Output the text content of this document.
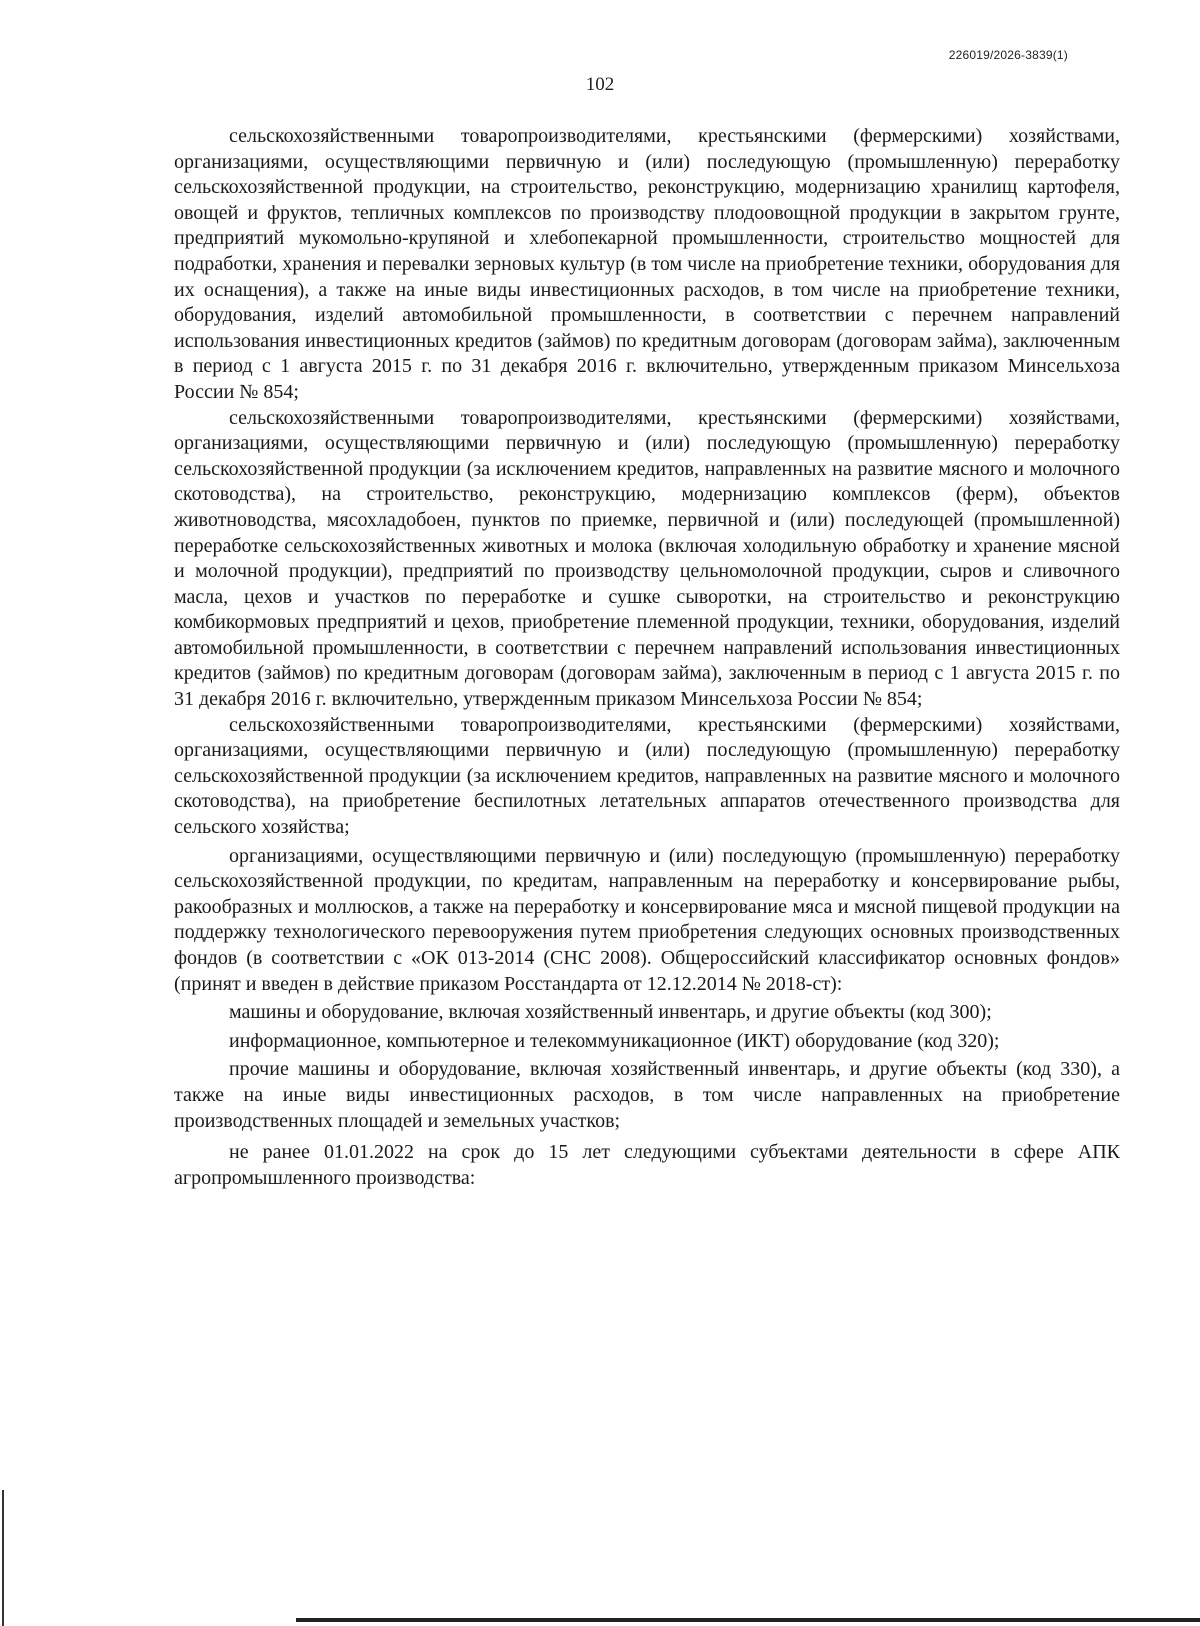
226019/2026-3839(1)
102

сельскохозяйственными товаропроизводителями, крестьянскими (фермерскими) хозяйствами, организациями, осуществляющими первичную и (или) последующую (промышленную) переработку сельскохозяйственной продукции, на строительство, реконструкцию, модернизацию хранилищ картофеля, овощей и фруктов, тепличных комплексов по производству плодоовощной продукции в закрытом грунте, предприятий мукомольно-крупяной и хлебопекарной промышленности, строительство мощностей для подработки, хранения и перевалки зерновых культур (в том числе на приобретение техники, оборудования для их оснащения), а также на иные виды инвестиционных расходов, в том числе на приобретение техники, оборудования, изделий автомобильной промышленности, в соответствии с перечнем направлений использования инвестиционных кредитов (займов) по кредитным договорам (договорам займа), заключенным в период с 1 августа 2015 г. по 31 декабря 2016 г. включительно, утвержденным приказом Минсельхоза России № 854;

сельскохозяйственными товаропроизводителями, крестьянскими (фермерскими) хозяйствами, организациями, осуществляющими первичную и (или) последующую (промышленную) переработку сельскохозяйственной продукции (за исключением кредитов, направленных на развитие мясного и молочного скотоводства), на строительство, реконструкцию, модернизацию комплексов (ферм), объектов животноводства, мясохладобоен, пунктов по приемке, первичной и (или) последующей (промышленной) переработке сельскохозяйственных животных и молока (включая холодильную обработку и хранение мясной и молочной продукции), предприятий по производству цельномолочной продукции, сыров и сливочного масла, цехов и участков по переработке и сушке сыворотки, на строительство и реконструкцию комбикормовых предприятий и цехов, приобретение племенной продукции, техники, оборудования, изделий автомобильной промышленности, в соответствии с перечнем направлений использования инвестиционных кредитов (займов) по кредитным договорам (договорам займа), заключенным в период с 1 августа 2015 г. по 31 декабря 2016 г. включительно, утвержденным приказом Минсельхоза России № 854;

сельскохозяйственными товаропроизводителями, крестьянскими (фермерскими) хозяйствами, организациями, осуществляющими первичную и (или) последующую (промышленную) переработку сельскохозяйственной продукции (за исключением кредитов, направленных на развитие мясного и молочного скотоводства), на приобретение беспилотных летательных аппаратов отечественного производства для сельского хозяйства;

организациями, осуществляющими первичную и (или) последующую (промышленную) переработку сельскохозяйственной продукции, по кредитам, направленным на переработку и консервирование рыбы, ракообразных и моллюсков, а также на переработку и консервирование мяса и мясной пищевой продукции на поддержку технологического перевооружения путем приобретения следующих основных производственных фондов (в соответствии с «ОК 013-2014 (СНС 2008). Общероссийский классификатор основных фондов» (принят и введен в действие приказом Росстандарта от 12.12.2014 № 2018-ст):

машины и оборудование, включая хозяйственный инвентарь, и другие объекты (код 300);

информационное, компьютерное и телекоммуникационное (ИКТ) оборудование (код 320);

прочие машины и оборудование, включая хозяйственный инвентарь, и другие объекты (код 330), а также на иные виды инвестиционных расходов, в том числе направленных на приобретение производственных площадей и земельных участков;

не ранее 01.01.2022 на срок до 15 лет следующими субъектами деятельности в сфере АПК агропромышленного производства:
